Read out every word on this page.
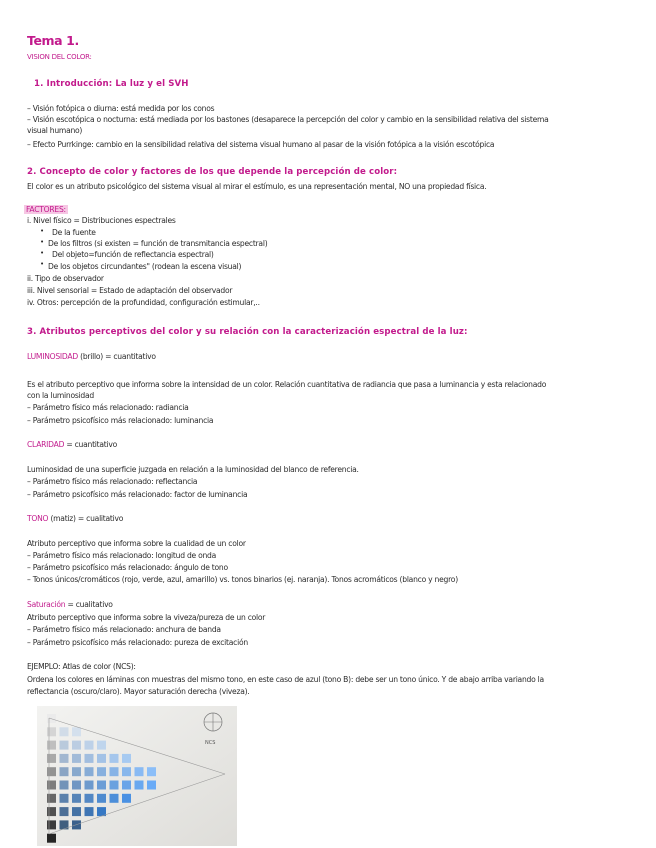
Tema 1.
VISION DEL COLOR:
1. Introducción: La luz y el SVH
– Visión fotópica o diurna: está medida por los conos
– Visión escotópica o nocturna: está mediada por los bastones (desaparece la percepción del color y cambio en la sensibilidad relativa del sistema
visual humano)
– Efecto Purrkinge: cambio en la sensibilidad relativa del sistema visual humano al pasar de la visión fotópica a la visión escotópica
2. Concepto de color y factores de los que depende la percepción de color:
El color es un atributo psicológico del sistema visual al mirar el estímulo, es una representación mental, NO una propiedad física.
FACTORES:
i. Nivel físico = Distribuciones espectrales
• De la fuente
• De los filtros (si existen = función de transmitancia espectral)
• Del objeto=función de reflectancia espectral)
• De los objetos circundantes" (rodean la escena visual)
ii. Tipo de observador
iii. Nivel sensorial = Estado de adaptación del observador
iv. Otros: percepción de la profundidad, configuración estimular,..
3. Atributos perceptivos del color y su relación con la caracterización espectral de la luz:
LUMINOSIDAD (brillo) = cuantitativo
Es el atributo perceptivo que informa sobre la intensidad de un color. Relación cuantitativa de radiancia que pasa a luminancia y esta relacionado
con la luminosidad
– Parámetro físico más relacionado: radiancia
– Parámetro psicofísico más relacionado: luminancia
CLARIDAD = cuantitativo
Luminosidad de una superficie juzgada en relación a la luminosidad del blanco de referencia.
– Parámetro físico más relacionado: reflectancia
– Parámetro psicofísico más relacionado: factor de luminancia
TONO (matiz) = cualitativo
Atributo perceptivo que informa sobre la cualidad de un color
– Parámetro físico más relacionado: longitud de onda
– Parámetro psicofísico más relacionado: ángulo de tono
– Tonos únicos/cromáticos (rojo, verde, azul, amarillo) vs. tonos binarios (ej. naranja). Tonos acromáticos (blanco y negro)
Saturación = cualitativo
Atributo perceptivo que informa sobre la viveza/pureza de un color
– Parámetro físico más relacionado: anchura de banda
– Parámetro psicofísico más relacionado: pureza de excitación
EJEMPLO: Atlas de color (NCS):
Ordena los colores en láminas con muestras del mismo tono, en este caso de azul (tono B): debe ser un tono único. Y de abajo arriba variando la
reflectancia (oscuro/claro). Mayor saturación derecha (viveza).
NCS
